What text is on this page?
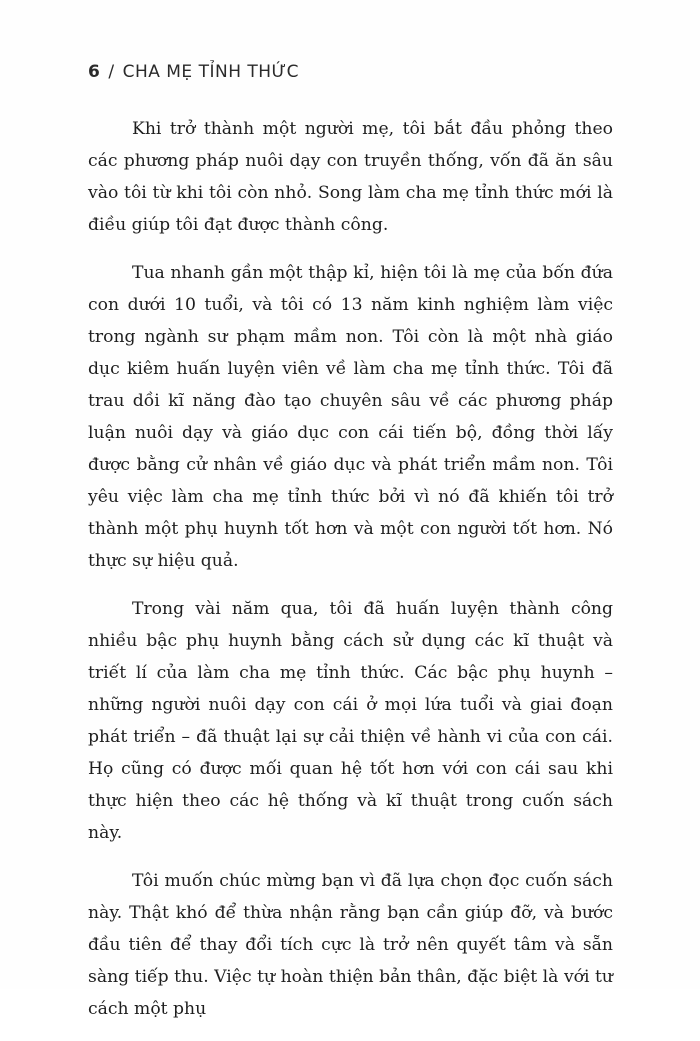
6 / CHA MẸ TỈNH THỨC

Khi trở thành một người mẹ, tôi bắt đầu phỏng theo các phương pháp nuôi dạy con truyền thống, vốn đã ăn sâu vào tôi từ khi tôi còn nhỏ. Song làm cha mẹ tỉnh thức mới là điều giúp tôi đạt được thành công.

Tua nhanh gần một thập kỉ, hiện tôi là mẹ của bốn đứa con dưới 10 tuổi, và tôi có 13 năm kinh nghiệm làm việc trong ngành sư phạm mầm non. Tôi còn là một nhà giáo dục kiêm huấn luyện viên về làm cha mẹ tỉnh thức. Tôi đã trau dồi kĩ năng đào tạo chuyên sâu về các phương pháp luận nuôi dạy và giáo dục con cái tiến bộ, đồng thời lấy được bằng cử nhân về giáo dục và phát triển mầm non. Tôi yêu việc làm cha mẹ tỉnh thức bởi vì nó đã khiến tôi trở thành một phụ huynh tốt hơn và một con người tốt hơn. Nó thực sự hiệu quả.

Trong vài năm qua, tôi đã huấn luyện thành công nhiều bậc phụ huynh bằng cách sử dụng các kĩ thuật và triết lí của làm cha mẹ tỉnh thức. Các bậc phụ huynh – những người nuôi dạy con cái ở mọi lứa tuổi và giai đoạn phát triển – đã thuật lại sự cải thiện về hành vi của con cái. Họ cũng có được mối quan hệ tốt hơn với con cái sau khi thực hiện theo các hệ thống và kĩ thuật trong cuốn sách này.

Tôi muốn chúc mừng bạn vì đã lựa chọn đọc cuốn sách này. Thật khó để thừa nhận rằng bạn cần giúp đỡ, và bước đầu tiên để thay đổi tích cực là trở nên quyết tâm và sẵn sàng tiếp thu. Việc tự hoàn thiện bản thân, đặc biệt là với tư cách một phụ
